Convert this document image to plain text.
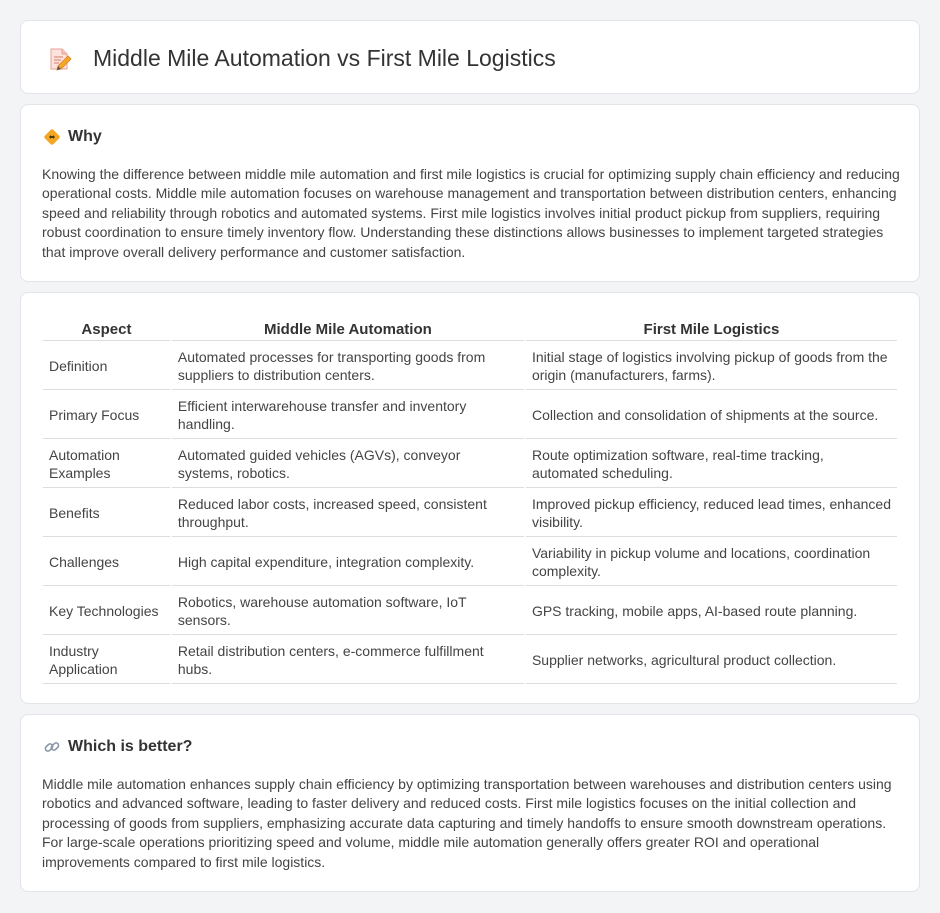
Middle Mile Automation vs First Mile Logistics
Why

Knowing the difference between middle mile automation and first mile logistics is crucial for optimizing supply chain efficiency and reducing operational costs. Middle mile automation focuses on warehouse management and transportation between distribution centers, enhancing speed and reliability through robotics and automated systems. First mile logistics involves initial product pickup from suppliers, requiring robust coordination to ensure timely inventory flow. Understanding these distinctions allows businesses to implement targeted strategies that improve overall delivery performance and customer satisfaction.

Aspect	Middle Mile Automation	First Mile Logistics
Definition	Automated processes for transporting goods from suppliers to distribution centers.	Initial stage of logistics involving pickup of goods from the origin (manufacturers, farms).
Primary Focus	Efficient interwarehouse transfer and inventory handling.	Collection and consolidation of shipments at the source.
Automation Examples	Automated guided vehicles (AGVs), conveyor systems, robotics.	Route optimization software, real-time tracking, automated scheduling.
Benefits	Reduced labor costs, increased speed, consistent throughput.	Improved pickup efficiency, reduced lead times, enhanced visibility.
Challenges	High capital expenditure, integration complexity.	Variability in pickup volume and locations, coordination complexity.
Key Technologies	Robotics, warehouse automation software, IoT sensors.	GPS tracking, mobile apps, AI-based route planning.
Industry Application	Retail distribution centers, e-commerce fulfillment hubs.	Supplier networks, agricultural product collection.
Which is better?

Middle mile automation enhances supply chain efficiency by optimizing transportation between warehouses and distribution centers using robotics and advanced software, leading to faster delivery and reduced costs. First mile logistics focuses on the initial collection and processing of goods from suppliers, emphasizing accurate data capturing and timely handoffs to ensure smooth downstream operations. For large-scale operations prioritizing speed and volume, middle mile automation generally offers greater ROI and operational improvements compared to first mile logistics.
